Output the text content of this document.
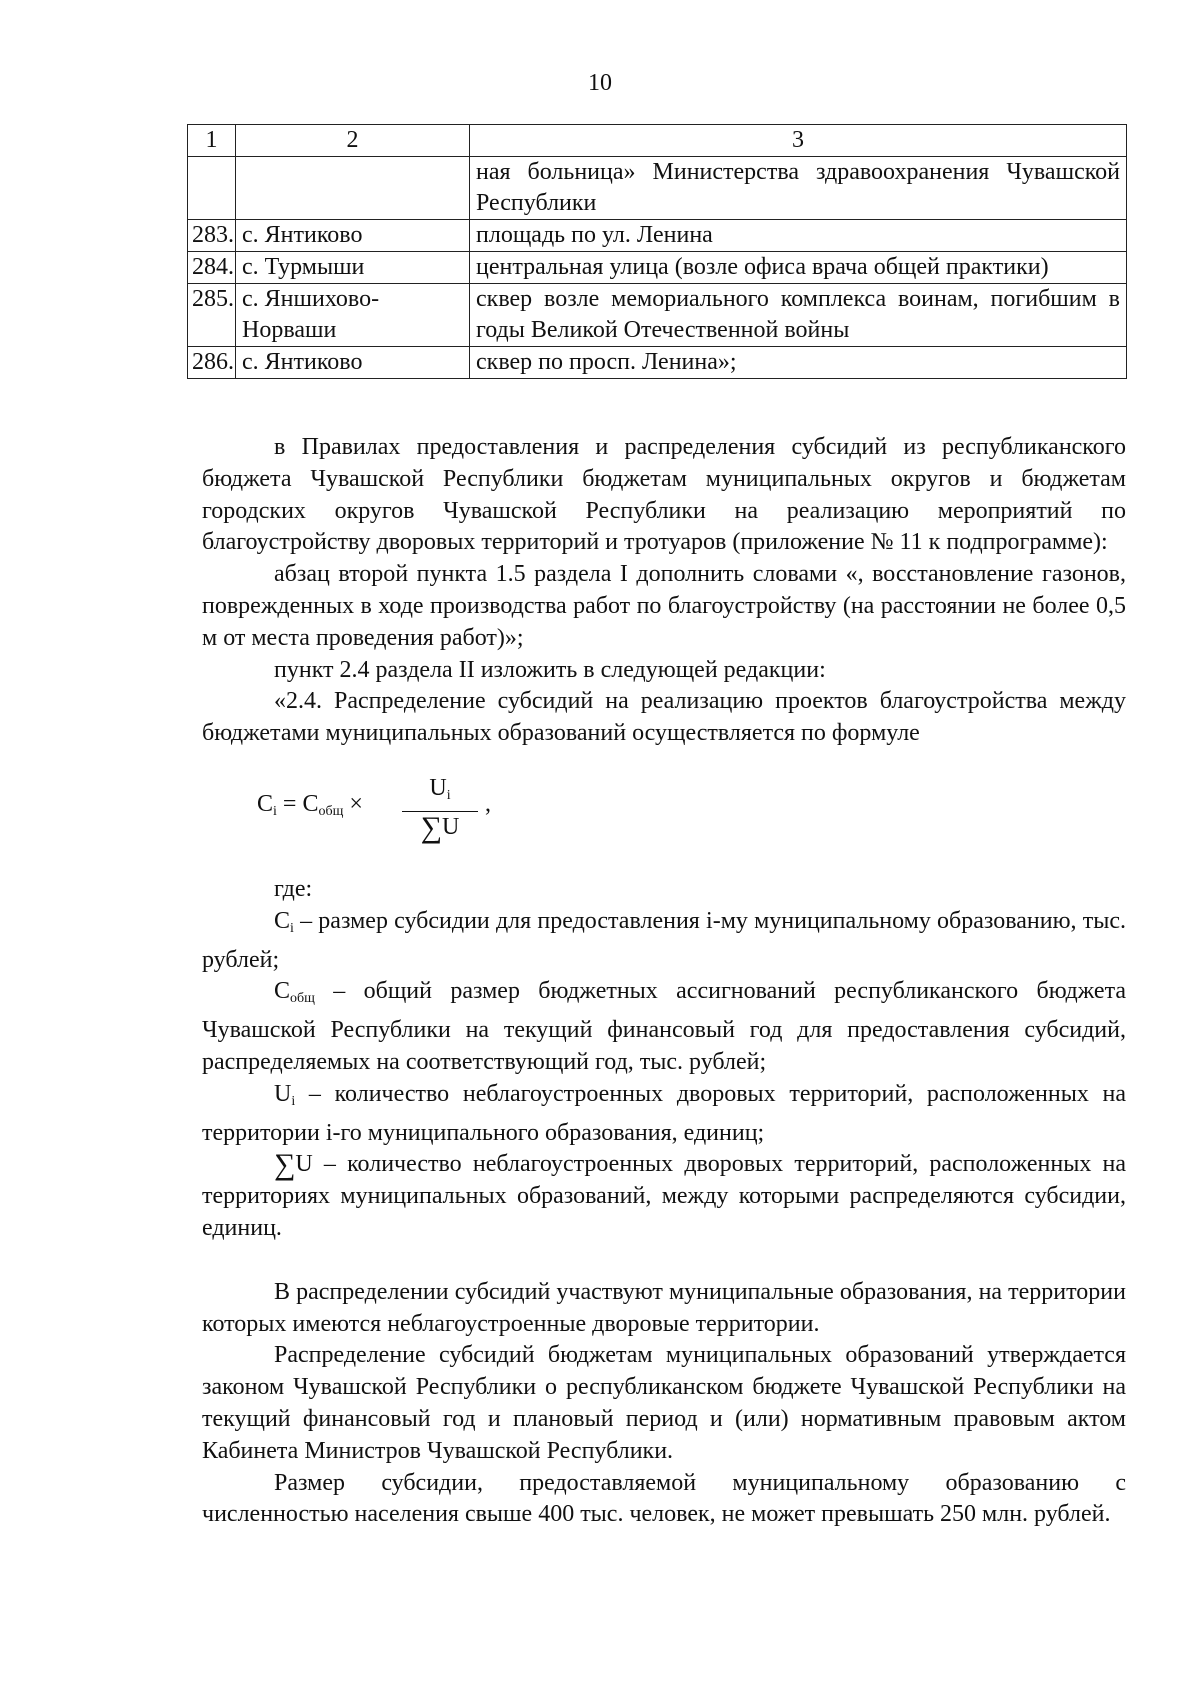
10
1	2	3
		ная больница» Министерства здравоохранения Чувашской Республики
283.	с. Янтиково	площадь по ул. Ленина
284.	с. Турмыши	центральная улица (возле офиса врача общей практики)
285.	с. Яншихово-Норваши	сквер возле мемориального комплекса воинам, погибшим в годы Великой Отечественной войны
286.	с. Янтиково	сквер по просп. Ленина»;

в Правилах предоставления и распределения субсидий из республиканского бюджета Чувашской Республики бюджетам муниципальных округов и бюджетам городских округов Чувашской Республики на реализацию мероприятий по благоустройству дворовых территорий и тротуаров (приложение № 11 к подпрограмме):

абзац второй пункта 1.5 раздела I дополнить словами «, восстановление газонов, поврежденных в ходе производства работ по благоустройству (на расстоянии не более 0,5 м от места проведения работ)»;

пункт 2.4 раздела II изложить в следующей редакции:

«2.4. Распределение субсидий на реализацию проектов благоустройства между бюджетами муниципальных образований осуществляется по формуле

$C_i = C_{общ} \times \frac{U_i}{\sum U}$ ,

где:

$C_i$ – размер субсидии для предоставления i-му муниципальному образованию, тыс. рублей;

$C_{общ}$ – общий размер бюджетных ассигнований республиканского бюджета Чувашской Республики на текущий финансовый год для предоставления субсидий, распределяемых на соответствующий год, тыс. рублей;

$U_i$ – количество неблагоустроенных дворовых территорий, расположенных на территории i-го муниципального образования, единиц;

∑U – количество неблагоустроенных дворовых территорий, расположенных на территориях муниципальных образований, между которыми распределяются субсидии, единиц.

В распределении субсидий участвуют муниципальные образования, на территории которых имеются неблагоустроенные дворовые территории.

Распределение субсидий бюджетам муниципальных образований утверждается законом Чувашской Республики о республиканском бюджете Чувашской Республики на текущий финансовый год и плановый период и (или) нормативным правовым актом Кабинета Министров Чувашской Республики.

Размер субсидии, предоставляемой муниципальному образованию с численностью населения свыше 400 тыс. человек, не может превышать 250 млн. рублей.
